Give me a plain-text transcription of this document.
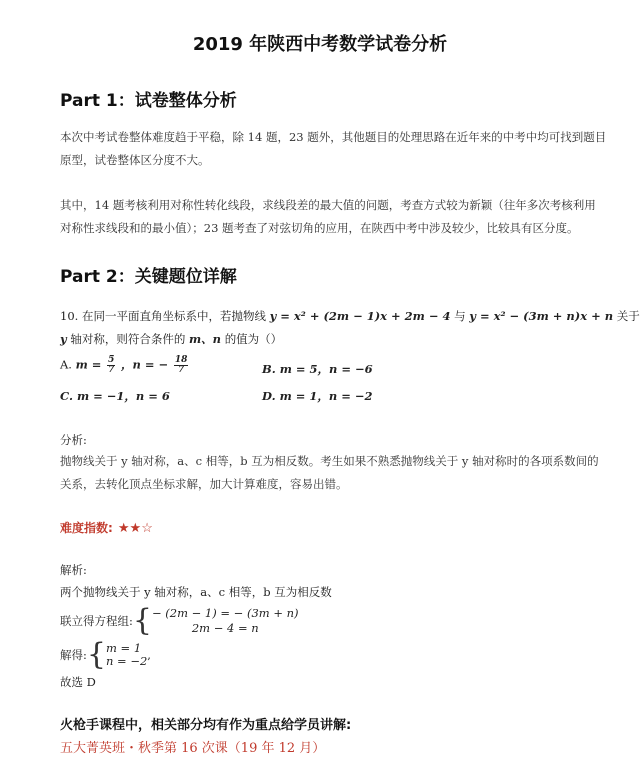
2019 年陕西中考数学试卷分析
Part 1：试卷整体分析
本次中考试卷整体难度趋于平稳，除 14 题，23 题外，其他题目的处理思路在近年来的中考中均可找到题目
原型，试卷整体区分度不大。
其中，14 题考核利用对称性转化线段，求线段差的最大值的问题，考查方式较为新颖（往年多次考核利用
对称性求线段和的最小值）；23 题考查了对弦切角的应用，在陕西中考中涉及较少，比较具有区分度。
Part 2：关键题位详解
10. 在同一平面直角坐标系中，若抛物线 y = x² + (2m − 1)x + 2m − 4 与 y = x² − (3m + n)x + n 关于
y 轴对称，则符合条件的 m、n 的值为（）
A. $m = \frac{5}{7}$ ，n = − $\frac{18}{7}$	B. m = 5，n = −6
C. m = −1，n = 6	D. m = 1，n = −2
分析:
抛物线关于 y 轴对称，a、c 相等，b 互为相反数。考生如果不熟悉抛物线关于 y 轴对称时的各项系数间的
关系，去转化顶点坐标求解，加大计算难度，容易出错。
难度指数: ★★☆
解析:
两个抛物线关于 y 轴对称，a、c 相等，b 互为相反数
联立得方程组: { − (2m − 1) = − (3m + n)
2m − 4 = n
解得: { m = 1
n = −2 ,
故选 D
火枪手课程中，相关部分均有作为重点给学员讲解:
五大菁英班・秋季第 16 次课（19 年 12 月）
